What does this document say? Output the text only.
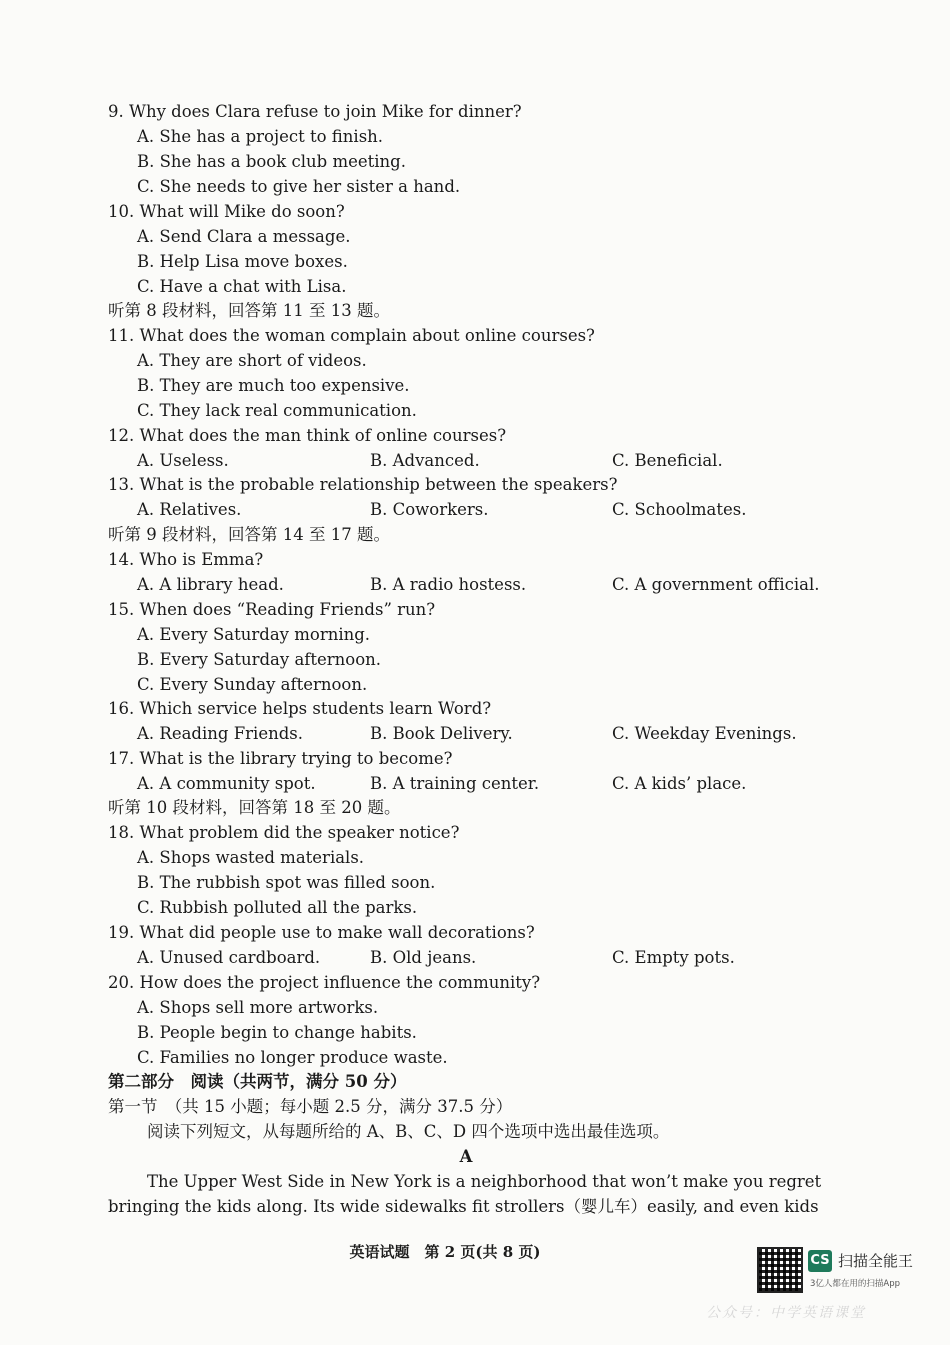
9. Why does Clara refuse to join Mike for dinner?
A. She has a project to finish.
B. She has a book club meeting.
C. She needs to give her sister a hand.
10. What will Mike do soon?
A. Send Clara a message.
B. Help Lisa move boxes.
C. Have a chat with Lisa.
听第 8 段材料，回答第 11 至 13 题。
11. What does the woman complain about online courses?
A. They are short of videos.
B. They are much too expensive.
C. They lack real communication.
12. What does the man think of online courses?
A. Useless.	B. Advanced.	C. Beneficial.
13. What is the probable relationship between the speakers?
A. Relatives.	B. Coworkers.	C. Schoolmates.
听第 9 段材料，回答第 14 至 17 题。
14. Who is Emma?
A. A library head.	B. A radio hostess.	C. A government official.
15. When does “Reading Friends” run?
A. Every Saturday morning.
B. Every Saturday afternoon.
C. Every Sunday afternoon.
16. Which service helps students learn Word?
A. Reading Friends.	B. Book Delivery.	C. Weekday Evenings.
17. What is the library trying to become?
A. A community spot.	B. A training center.	C. A kids’ place.
听第 10 段材料，回答第 18 至 20 题。
18. What problem did the speaker notice?
A. Shops wasted materials.
B. The rubbish spot was filled soon.
C. Rubbish polluted all the parks.
19. What did people use to make wall decorations?
A. Unused cardboard.	B. Old jeans.	C. Empty pots.
20. How does the project influence the community?
A. Shops sell more artworks.
B. People begin to change habits.
C. Families no longer produce waste.
第二部分　阅读（共两节，满分 50 分）
第一节　（共 15 小题；每小题 2.5 分，满分 37.5 分）
阅读下列短文，从每题所给的 A、B、C、D 四个选项中选出最佳选项。
A
The Upper West Side in New York is a neighborhood that won’t make you regret
bringing the kids along. Its wide sidewalks fit strollers（婴儿车）easily, and even kids
英语试题　第 2 页(共 8 页)	CS 扫描全能王
3亿人都在用的扫描App
公众号：中学英语课堂
